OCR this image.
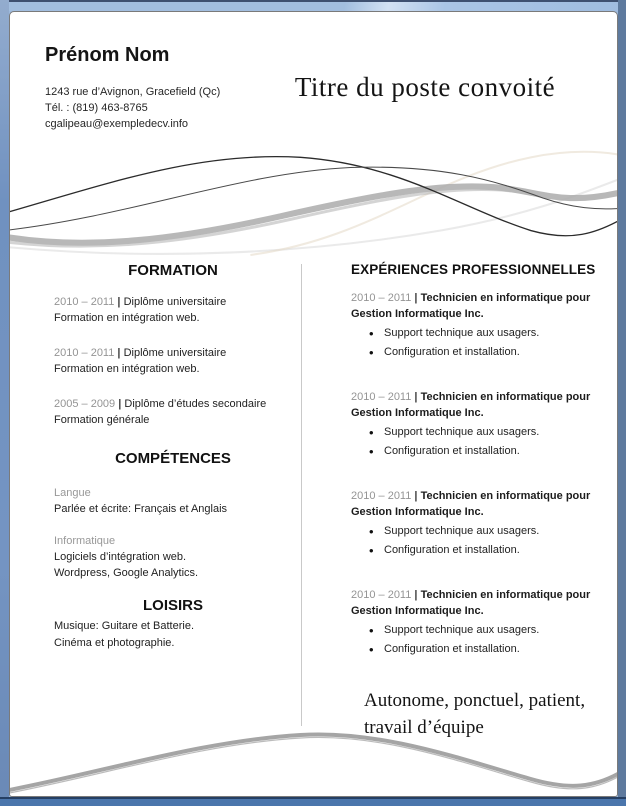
Prénom Nom
1243 rue d’Avignon, Gracefield (Qc)
Tél. : (819) 463-8765
cgalipeau@exempledecv.info
Titre du poste convoité
FORMATION
2010 – 2011 | Diplôme universitaire
Formation en intégration web.
2010 – 2011 | Diplôme universitaire
Formation en intégration web.
2005 – 2009 | Diplôme d’études secondaire
Formation générale
COMPÉTENCES
Langue
Parlée et écrite: Français et Anglais
Informatique
Logiciels d’intégration web.
Wordpress, Google Analytics.
LOISIRS
Musique: Guitare et Batterie.
Cinéma et photographie.
EXPÉRIENCES PROFESSIONNELLES
2010 – 2011 | Technicien en informatique pour
Gestion Informatique Inc.
• Support technique aux usagers.
• Configuration et installation.
2010 – 2011 | Technicien en informatique pour
Gestion Informatique Inc.
• Support technique aux usagers.
• Configuration et installation.
2010 – 2011 | Technicien en informatique pour
Gestion Informatique Inc.
• Support technique aux usagers.
• Configuration et installation.
2010 – 2011 | Technicien en informatique pour
Gestion Informatique Inc.
• Support technique aux usagers.
• Configuration et installation.
Autonome, ponctuel, patient,
travail d’équipe
